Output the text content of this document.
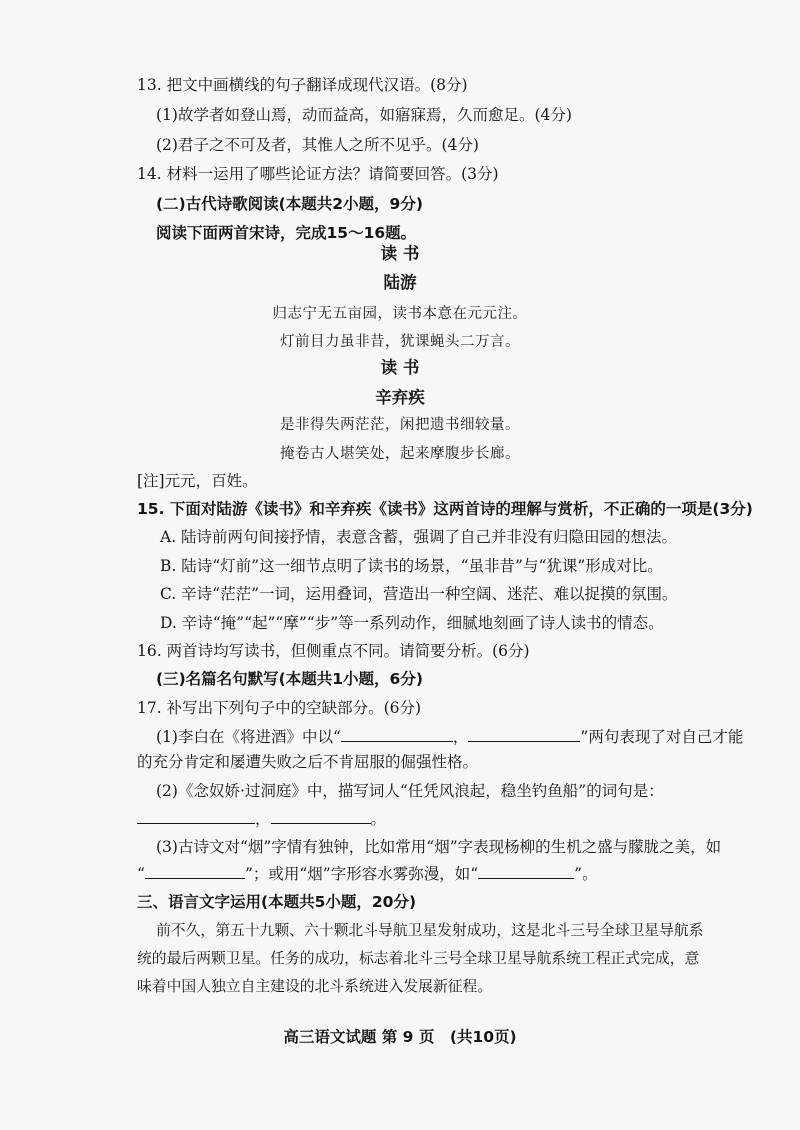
13. 把文中画横线的句子翻译成现代汉语。(8分)
(1)故学者如登山焉，动而益高，如寤寐焉，久而愈足。(4分)
(2)君子之不可及者，其惟人之所不见乎。(4分)
14. 材料一运用了哪些论证方法？请简要回答。(3分)
(二)古代诗歌阅读(本题共2小题，9分)
阅读下面两首宋诗，完成15～16题。
读 书
陆游
归志宁无五亩园，读书本意在元元注。
灯前目力虽非昔，犹课蝇头二万言。
读 书
辛弃疾
是非得失两茫茫，闲把遗书细较量。
掩卷古人堪笑处，起来摩腹步长廊。
[注]元元，百姓。
15. 下面对陆游《读书》和辛弃疾《读书》这两首诗的理解与赏析，不正确的一项是(3分)
A. 陆诗前两句间接抒情，表意含蓄，强调了自己并非没有归隐田园的想法。
B. 陆诗“灯前”这一细节点明了读书的场景，“虽非昔”与“犹课”形成对比。
C. 辛诗“茫茫”一词，运用叠词，营造出一种空阔、迷茫、难以捉摸的氛围。
D. 辛诗“掩”“起”“摩”“步”等一系列动作，细腻地刻画了诗人读书的情态。
16. 两首诗均写读书，但侧重点不同。请简要分析。(6分)
(三)名篇名句默写(本题共1小题，6分)
17. 补写出下列句子中的空缺部分。(6分)
(1)李白在《将进酒》中以“	，	”两句表现了对自己才能
的充分肯定和屡遭失败之后不肯屈服的倔强性格。
(2)《念奴娇·过洞庭》中，描写词人“任凭风浪起，稳坐钓鱼船”的词句是：
，	。
(3)古诗文对“烟”字情有独钟，比如常用“烟”字表现杨柳的生机之盛与朦胧之美，如
“	”；或用“烟”字形容水雾弥漫，如“	”。
三、语言文字运用(本题共5小题，20分)
前不久，第五十九颗、六十颗北斗导航卫星发射成功，这是北斗三号全球卫星导航系
统的最后两颗卫星。任务的成功，标志着北斗三号全球卫星导航系统工程正式完成，意
味着中国人独立自主建设的北斗系统进入发展新征程。
高三语文试题 第 9 页　(共10页)
